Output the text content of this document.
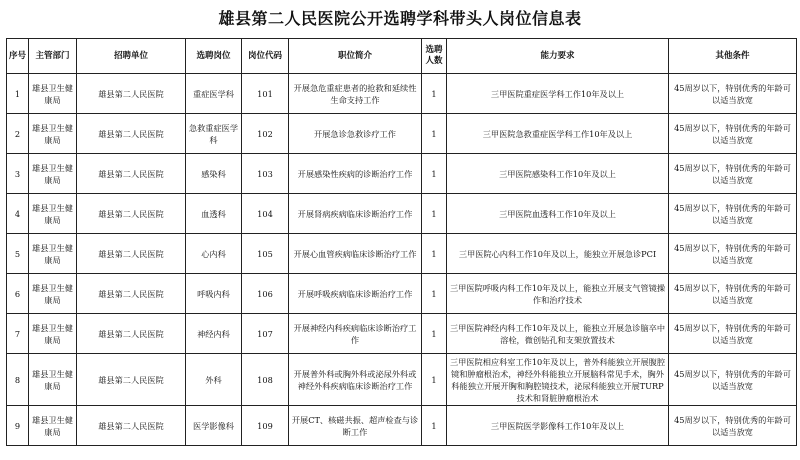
雄县第二人民医院公开选聘学科带头人岗位信息表
序号	主管部门	招聘单位	选聘岗位	岗位代码	职位简介	选聘人数	能力要求	其他条件
1	雄县卫生健康局	雄县第二人民医院	重症医学科	101	开展急危重症患者的抢救和延续性生命支持工作	1	三甲医院重症医学科工作10年及以上	45周岁以下，特别优秀的年龄可以适当放宽
2	雄县卫生健康局	雄县第二人民医院	急救重症医学科	102	开展急诊急救诊疗工作	1	三甲医院急救重症医学科工作10年及以上	45周岁以下，特别优秀的年龄可以适当放宽
3	雄县卫生健康局	雄县第二人民医院	感染科	103	开展感染性疾病的诊断治疗工作	1	三甲医院感染科工作10年及以上	45周岁以下，特别优秀的年龄可以适当放宽
4	雄县卫生健康局	雄县第二人民医院	血透科	104	开展肾病疾病临床诊断治疗工作	1	三甲医院血透科工作10年及以上	45周岁以下，特别优秀的年龄可以适当放宽
5	雄县卫生健康局	雄县第二人民医院	心内科	105	开展心血管疾病临床诊断治疗工作	1	三甲医院心内科工作10年及以上，能独立开展急诊PCI	45周岁以下，特别优秀的年龄可以适当放宽
6	雄县卫生健康局	雄县第二人民医院	呼吸内科	106	开展呼吸疾病临床诊断治疗工作	1	三甲医院呼吸内科工作10年及以上，能独立开展支气管镜操作和治疗技术	45周岁以下，特别优秀的年龄可以适当放宽
7	雄县卫生健康局	雄县第二人民医院	神经内科	107	开展神经内科疾病临床诊断治疗工作	1	三甲医院神经内科工作10年及以上，能独立开展急诊脑卒中溶栓，微创钻孔和支架放置技术	45周岁以下，特别优秀的年龄可以适当放宽
8	雄县卫生健康局	雄县第二人民医院	外科	108	开展普外科或胸外科或泌尿外科或神经外科疾病临床诊断治疗工作	1	三甲医院相应科室工作10年及以上，普外科能独立开展腹腔镜和肿瘤根治术，神经外科能独立开展脑科常见手术，胸外科能独立开展开胸和胸腔镜技术，泌尿科能独立开展TURP技术和肾脏肿瘤根治术	45周岁以下，特别优秀的年龄可以适当放宽
9	雄县卫生健康局	雄县第二人民医院	医学影像科	109	开展CT、核磁共振、超声检查与诊断工作	1	三甲医院医学影像科工作10年及以上	45周岁以下，特别优秀的年龄可以适当放宽
